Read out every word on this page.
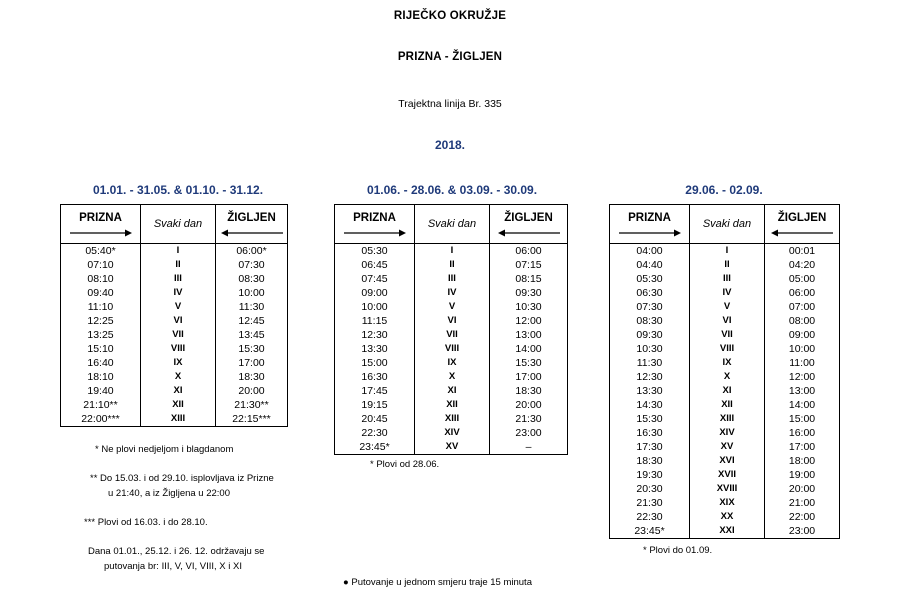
RIJEČKO OKRUŽJE
PRIZNA - ŽIGLJEN
Trajektna linija Br. 335
2018.
01.01. - 31.05. & 01.10. - 31.12.	01.06. - 28.06. & 03.09. - 30.09.	29.06. - 02.09.
PRIZNA	Svaki dan	ŽIGLJEN

05:40*	I	06:00*
07:10	II	07:30
08:10	III	08:30
09:40	IV	10:00
11:10	V	11:30
12:25	VI	12:45
13:25	VII	13:45
15:10	VIII	15:30
16:40	IX	17:00
18:10	X	18:30
19:40	XI	20:00
21:10**	XII	21:30**
22:00***	XIII	22:15***
PRIZNA	Svaki dan	ŽIGLJEN

05:30	I	06:00
06:45	II	07:15
07:45	III	08:15
09:00	IV	09:30
10:00	V	10:30
11:15	VI	12:00
12:30	VII	13:00
13:30	VIII	14:00
15:00	IX	15:30
16:30	X	17:00
17:45	XI	18:30
19:15	XII	20:00
20:45	XIII	21:30
22:30	XIV	23:00
23:45*	XV	–
PRIZNA	Svaki dan	ŽIGLJEN

04:00	I	00:01
04:40	II	04:20
05:30	III	05:00
06:30	IV	06:00
07:30	V	07:00
08:30	VI	08:00
09:30	VII	09:00
10:30	VIII	10:00
11:30	IX	11:00
12:30	X	12:00
13:30	XI	13:00
14:30	XII	14:00
15:30	XIII	15:00
16:30	XIV	16:00
17:30	XV	17:00
18:30	XVI	18:00
19:30	XVII	19:00
20:30	XVIII	20:00
21:30	XIX	21:00
22:30	XX	22:00
23:45*	XXI	23:00
* Ne plovi nedjeljom i blagdanom
** Do 15.03. i od 29.10. isplovljava iz Prizne
u 21:40, a iz Žigljena u 22:00
*** Plovi od 16.03. i do 28.10.
Dana 01.01., 25.12. i 26. 12. održavaju se
putovanja br: III, V, VI, VIII, X i XI
* Plovi od 28.06.
* Plovi do 01.09.
● Putovanje u jednom smjeru traje 15 minuta
